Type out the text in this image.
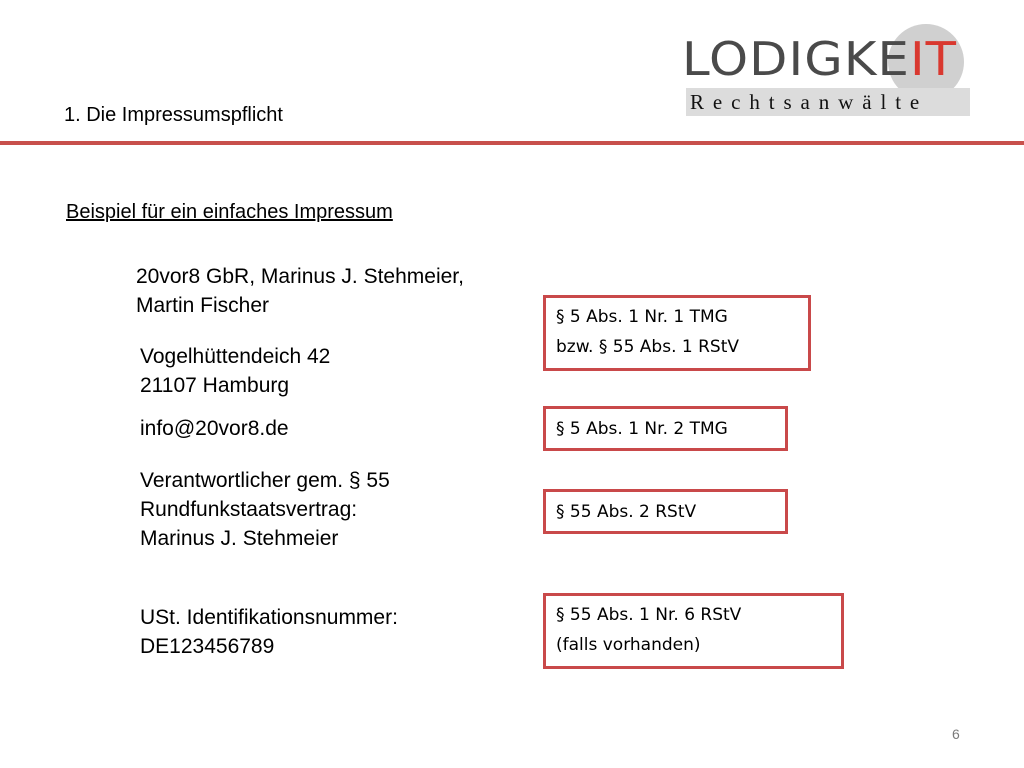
1. Die Impressumspflicht
Rechtsanwälte
LODIGKEIT
Beispiel für ein einfaches Impressum
20vor8 GbR, Marinus J. Stehmeier,
Martin Fischer
Vogelhüttendeich 42
21107 Hamburg
info@20vor8.de
Verantwortlicher gem. § 55
Rundfunkstaatsvertrag:
Marinus J. Stehmeier
USt. Identifikationsnummer:
DE123456789
§ 5 Abs. 1 Nr. 1 TMG
bzw. § 55 Abs. 1 RStV
§ 5 Abs. 1 Nr. 2 TMG
§ 55 Abs. 2 RStV
§ 55 Abs. 1 Nr. 6 RStV
(falls vorhanden)
6
